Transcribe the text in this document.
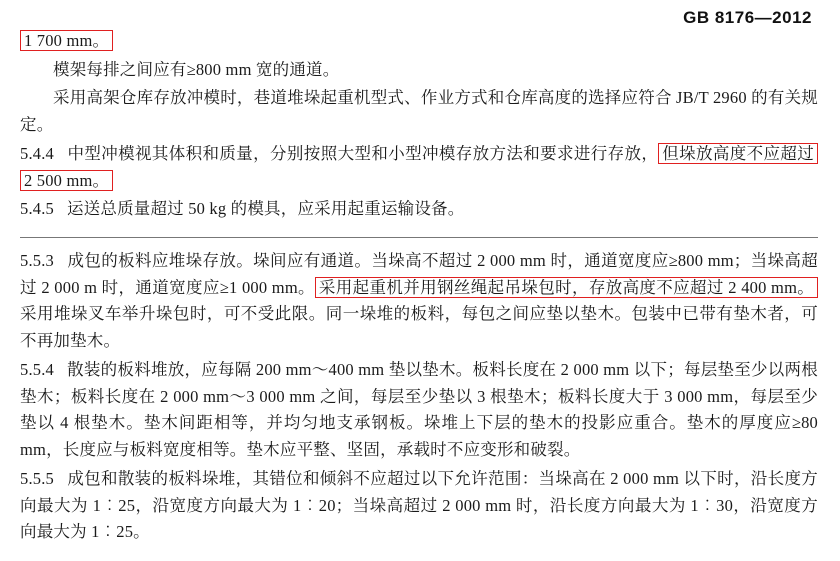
GB 8176—2012

1 700 mm。

模架每排之间应有≥800 mm 宽的通道。

采用高架仓库存放冲模时，巷道堆垛起重机型式、作业方式和仓库高度的选择应符合 JB/T 2960 的有关规定。

5.4.4 中型冲模视其体积和质量，分别按照大型和小型冲模存放方法和要求进行存放， 但垛放高度不应超过 2 500 mm。

5.4.5 运送总质量超过 50 kg 的模具，应采用起重运输设备。

5.5.3 成包的板料应堆垛存放。垛间应有通道。当垛高不超过 2 000 mm 时，通道宽度应≥800 mm；当垛高超过 2 000 m 时，通道宽度应≥1 000 mm。 采用起重机并用钢丝绳起吊垛包时，存放高度不应超过 2 400 mm。采用堆垛叉车举升垛包时，可不受此限。同一垛堆的板料，每包之间应垫以垫木。包装中已带有垫木者，可不再加垫木。

5.5.4 散装的板料堆放，应每隔 200 mm～400 mm 垫以垫木。板料长度在 2 000 mm 以下；每层垫至少以两根垫木；板料长度在 2 000 mm～3 000 mm 之间，每层至少垫以 3 根垫木；板料长度大于 3 000 mm，每层至少垫以 4 根垫木。垫木间距相等，并均匀地支承钢板。垛堆上下层的垫木的投影应重合。垫木的厚度应≥80 mm，长度应与板料宽度相等。垫木应平整、坚固，承载时不应变形和破裂。

5.5.5 成包和散装的板料垛堆，其错位和倾斜不应超过以下允许范围：当垛高在 2 000 mm 以下时，沿长度方向最大为 1︰25，沿宽度方向最大为 1︰20；当垛高超过 2 000 mm 时，沿长度方向最大为 1︰30，沿宽度方向最大为 1︰25。
